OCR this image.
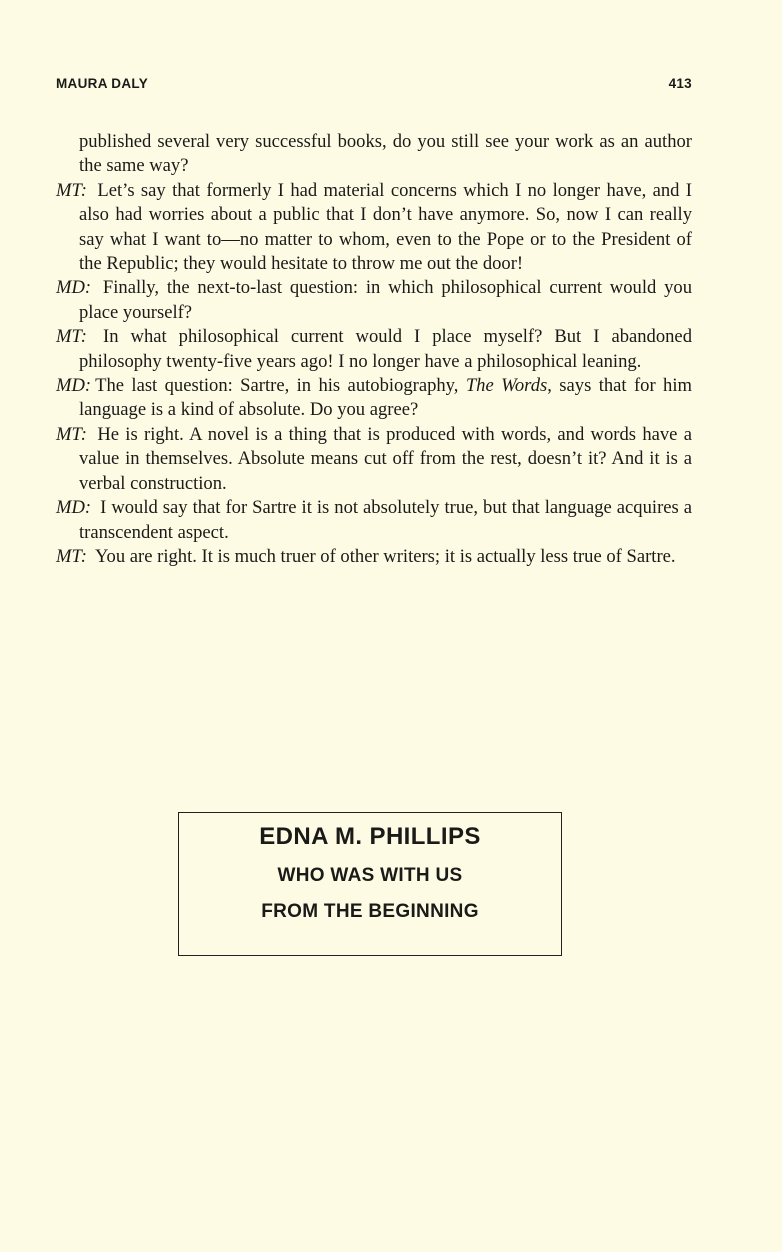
MAURA DALY	413

published several very successful books, do you still see your work as an author the same way?

MT: Let’s say that formerly I had material concerns which I no longer have, and I also had worries about a public that I don’t have anymore. So, now I can really say what I want to—no matter to whom, even to the Pope or to the President of the Republic; they would hesitate to throw me out the door!

MD: Finally, the next-to-last question: in which philosophical current would you place yourself?

MT: In what philosophical current would I place myself? But I abandoned philosophy twenty-five years ago! I no longer have a philosophical leaning.

MD: The last question: Sartre, in his autobiography, The Words, says that for him language is a kind of absolute. Do you agree?

MT: He is right. A novel is a thing that is produced with words, and words have a value in themselves. Absolute means cut off from the rest, doesn’t it? And it is a verbal construction.

MD: I would say that for Sartre it is not absolutely true, but that language acquires a transcendent aspect.

MT: You are right. It is much truer of other writers; it is actually less true of Sartre.

EDNA M. PHILLIPS
WHO WAS WITH US
FROM THE BEGINNING
